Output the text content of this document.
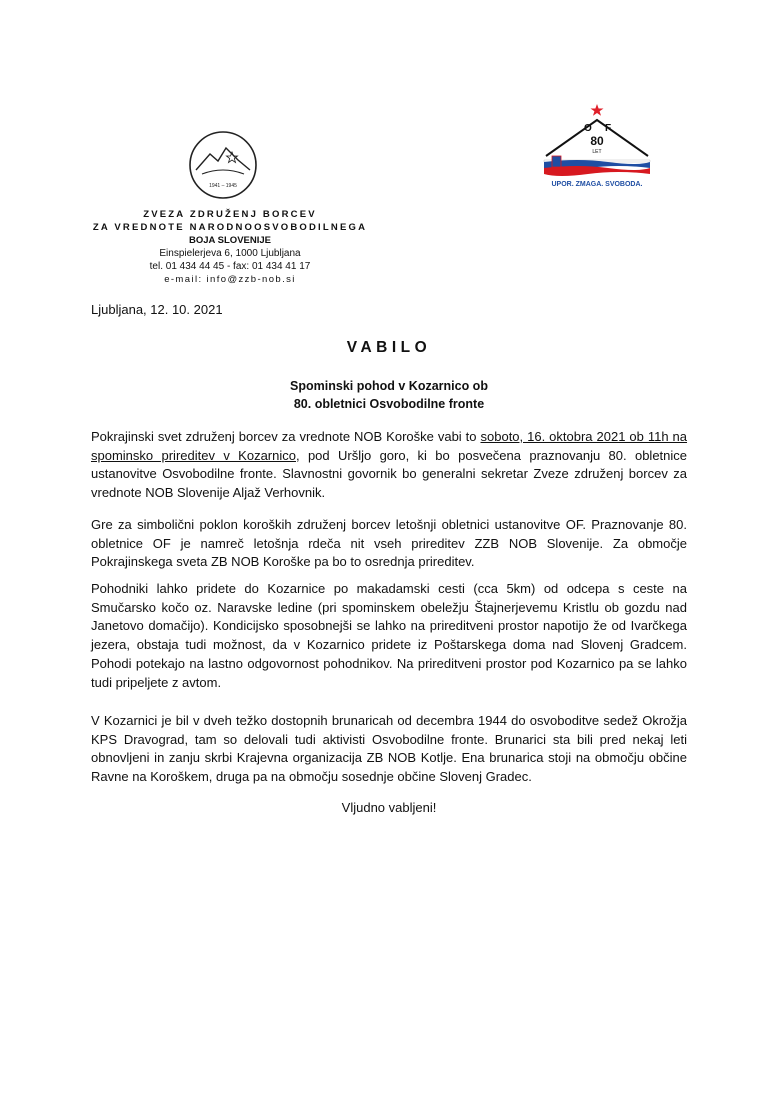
1941 – 1945
ZVEZA ZDRUŽENJ BORCEV
ZA VREDNOTE NARODNOOSVOBODILNEGA
BOJA SLOVENIJE
Einspielerjeva 6, 1000 Ljubljana
tel. 01 434 44 45 - fax: 01 434 41 17
e-mail: info@zzb-nob.si
O F
80
LET
UPOR. ZMAGA. SVOBODA.
Ljubljana, 12. 10. 2021
VABILO
Spominski pohod v Kozarnico ob
80. obletnici Osvobodilne fronte
Pokrajinski svet združenj borcev za vrednote NOB Koroške vabi to soboto, 16. oktobra 2021 ob 11h na spominsko prireditev v Kozarnico, pod Uršljo goro, ki bo posvečena praznovanju 80. obletnice ustanovitve Osvobodilne fronte. Slavnostni govornik bo generalni sekretar Zveze združenj borcev za vrednote NOB Slovenije Aljaž Verhovnik.
Gre za simbolični poklon koroških združenj borcev letošnji obletnici ustanovitve OF. Praznovanje 80. obletnice OF je namreč letošnja rdeča nit vseh prireditev ZZB NOB Slovenije. Za območje Pokrajinskega sveta ZB NOB Koroške pa bo to osrednja prireditev.
Pohodniki lahko pridete do Kozarnice po makadamski cesti (cca 5km) od odcepa s ceste na Smučarsko kočo oz. Naravske ledine (pri spominskem obeležju Štajnerjevemu Kristlu ob gozdu nad Janetovo domačijo). Kondicijsko sposobnejši se lahko na prireditveni prostor napotijo že od Ivarčkega jezera, obstaja tudi možnost, da v Kozarnico pridete iz Poštarskega doma nad Slovenj Gradcem. Pohodi potekajo na lastno odgovornost pohodnikov. Na prireditveni prostor pod Kozarnico pa se lahko tudi pripeljete z avtom.
V Kozarnici je bil v dveh težko dostopnih brunaricah od decembra 1944 do osvoboditve sedež Okrožja KPS Dravograd, tam so delovali tudi aktivisti Osvobodilne fronte. Brunarici sta bili pred nekaj leti obnovljeni in zanju skrbi Krajevna organizacija ZB NOB Kotlje. Ena brunarica stoji na območju občine Ravne na Koroškem, druga pa na območju sosednje občine Slovenj Gradec.
Vljudno vabljeni!
